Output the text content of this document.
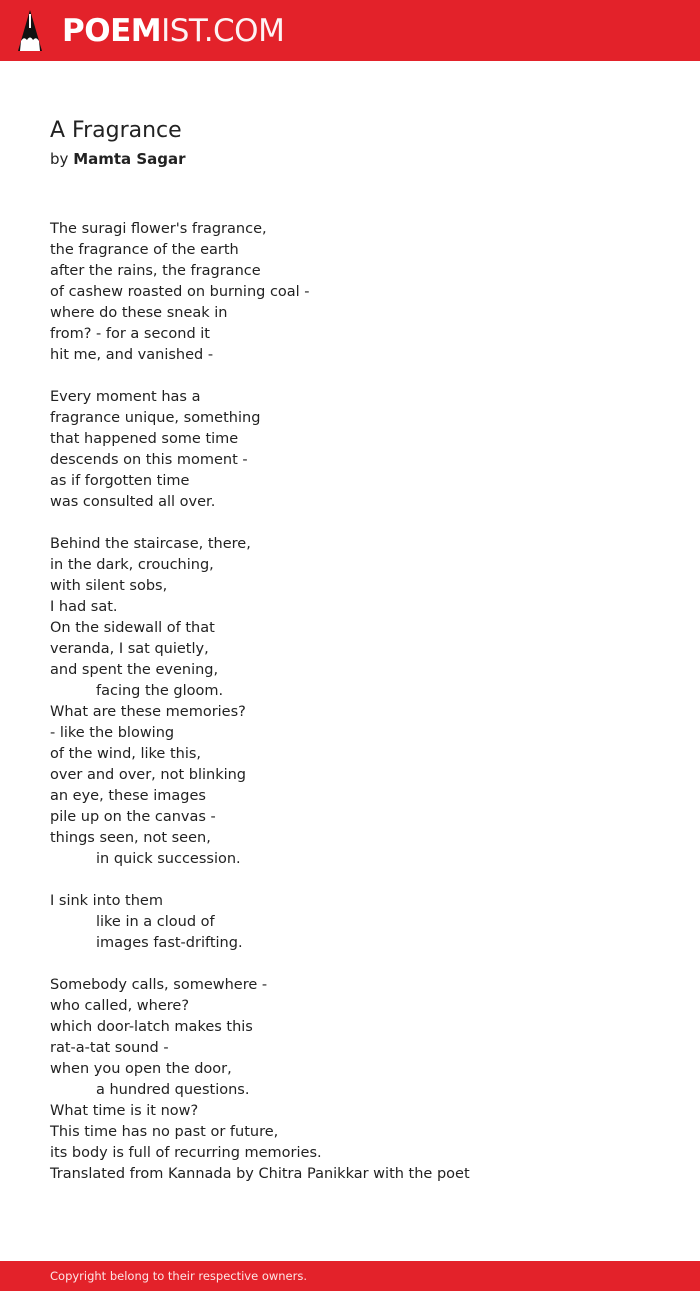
POEMIST.COM
A Fragrance
by Mamta Sagar
The suragi flower's fragrance,
the fragrance of the earth
after the rains, the fragrance
of cashew roasted on burning coal -
where do these sneak in
from? - for a second it
hit me, and vanished -
Every moment has a
fragrance unique, something
that happened some time
descends on this moment -
as if forgotten time
was consulted all over.
Behind the staircase, there,
in the dark, crouching,
with silent sobs,
I had sat.
On the sidewall of that
veranda, I sat quietly,
and spent the evening,
facing the gloom.
What are these memories?
- like the blowing
of the wind, like this,
over and over, not blinking
an eye, these images
pile up on the canvas -
things seen, not seen,
in quick succession.
I sink into them
like in a cloud of
images fast-drifting.
Somebody calls, somewhere -
who called, where?
which door-latch makes this
rat-a-tat sound -
when you open the door,
a hundred questions.
What time is it now?
This time has no past or future,
its body is full of recurring memories.
Translated from Kannada by Chitra Panikkar with the poet
Copyright belong to their respective owners.
